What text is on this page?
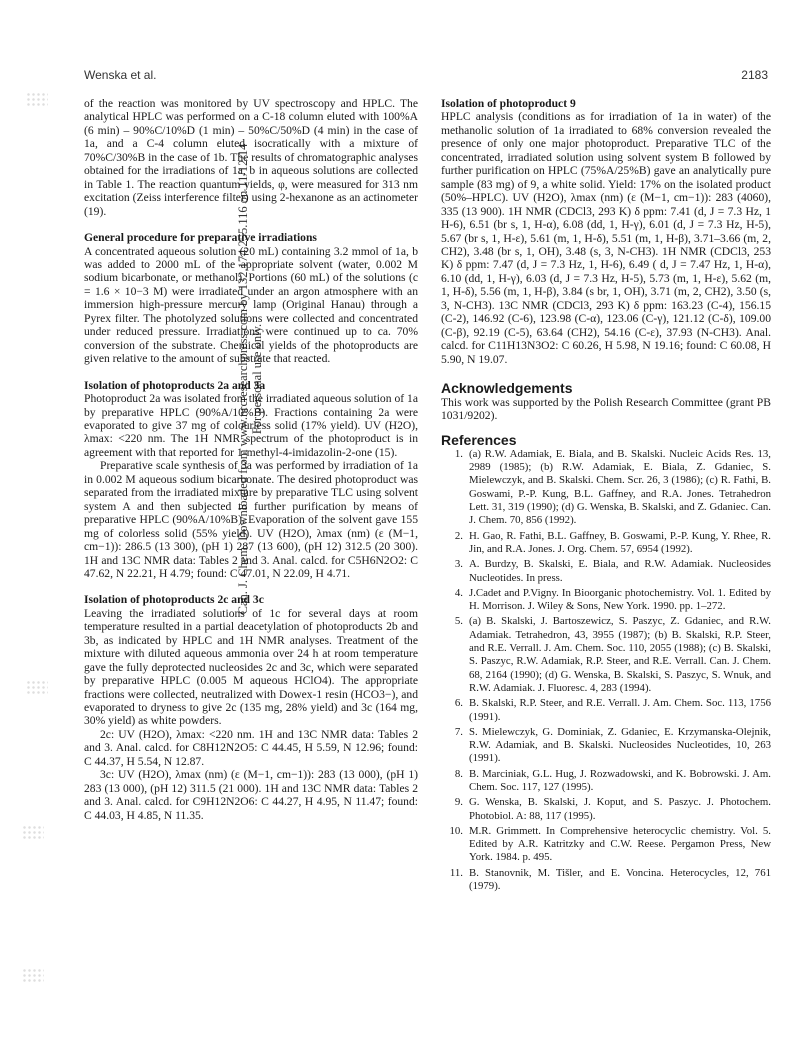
Wenska et al.	2183
Can. J. Chem. Downloaded from www.nrcresearchpress.com by 132.174.255.116 on 11/12/14 For personal use only.

of the reaction was monitored by UV spectroscopy and HPLC. The analytical HPLC was performed on a C-18 column eluted with 100%A (6 min) – 90%C/10%D (1 min) – 50%C/50%D (4 min) in the case of 1a, and a C-4 column eluted isocratically with a mixture of 70%C/30%B in the case of 1b. The results of chromatographic analyses obtained for the irradiations of 1a, b in aqueous solutions are collected in Table 1. The reaction quantum yields, φ, were measured for 313 nm excitation (Zeiss interference filter) using 2-hexanone as an actinometer (19).

General procedure for preparative irradiations

A concentrated aqueous solution (20 mL) containing 3.2 mmol of 1a, b was added to 2000 mL of the appropriate solvent (water, 0.002 M sodium bicarbonate, or methanol). Portions (60 mL) of the solutions (c = 1.6 × 10−3 M) were irradiated under an argon atmosphere with an immersion high-pressure mercury lamp (Original Hanau) through a Pyrex filter. The photolyzed solutions were collected and concentrated under reduced pressure. Irradiations were continued up to ca. 70% conversion of the substrate. Chemical yields of the photoproducts are given relative to the amount of substrate that reacted.

Isolation of photoproducts 2a and 3a

Photoproduct 2a was isolated from the irradiated aqueous solution of 1a by preparative HPLC (90%A/10%B). Fractions containing 2a were evaporated to give 37 mg of colourless solid (17% yield). UV (H2O), λmax: <220 nm. The 1H NMR spectrum of the photoproduct is in agreement with that reported for 1-methyl-4-imidazolin-2-one (15).

Preparative scale synthesis of 3a was performed by irradiation of 1a in 0.002 M aqueous sodium bicarbonate. The desired photoproduct was separated from the irradiated mixture by preparative TLC using solvent system A and then subjected to further purification by means of preparative HPLC (90%A/10%B). Evaporation of the solvent gave 155 mg of colorless solid (55% yield). UV (H2O), λmax (nm) (ε (M−1, cm−1)): 286.5 (13 300), (pH 1) 287 (13 600), (pH 12) 312.5 (20 300). 1H and 13C NMR data: Tables 2 and 3. Anal. calcd. for C5H6N2O2: C 47.62, N 22.21, H 4.79; found: C 47.01, N 22.09, H 4.71.

Isolation of photoproducts 2c and 3c

Leaving the irradiated solutions of 1c for several days at room temperature resulted in a partial deacetylation of photoproducts 2b and 3b, as indicated by HPLC and 1H NMR analyses. Treatment of the mixture with diluted aqueous ammonia over 24 h at room temperature gave the fully deprotected nucleosides 2c and 3c, which were separated by preparative HPLC (0.005 M aqueous HClO4). The appropriate fractions were collected, neutralized with Dowex-1 resin (HCO3−), and evaporated to dryness to give 2c (135 mg, 28% yield) and 3c (164 mg, 30% yield) as white powders.

2c: UV (H2O), λmax: <220 nm. 1H and 13C NMR data: Tables 2 and 3. Anal. calcd. for C8H12N2O5: C 44.45, H 5.59, N 12.96; found: C 44.37, H 5.54, N 12.87.

3c: UV (H2O), λmax (nm) (ε (M−1, cm−1)): 283 (13 000), (pH 1) 283 (13 000), (pH 12) 311.5 (21 000). 1H and 13C NMR data: Tables 2 and 3. Anal. calcd. for C9H12N2O6: C 44.27, H 4.95, N 11.47; found: C 44.03, H 4.85, N 11.35.

Isolation of photoproduct 9

HPLC analysis (conditions as for irradiation of 1a in water) of the methanolic solution of 1a irradiated to 68% conversion revealed the presence of only one major photoproduct. Preparative TLC of the concentrated, irradiated solution using solvent system B followed by further purification on HPLC (75%A/25%B) gave an analytically pure sample (83 mg) of 9, a white solid. Yield: 17% on the isolated product (50%–HPLC). UV (H2O), λmax (nm) (ε (M−1, cm−1)): 283 (4060), 335 (13 900). 1H NMR (CDCl3, 293 K) δ ppm: 7.41 (d, J = 7.3 Hz, 1 H-6), 6.51 (br s, 1, H-α), 6.08 (dd, 1, H-γ), 6.01 (d, J = 7.3 Hz, H-5), 5.67 (br s, 1, H-ε), 5.61 (m, 1, H-δ), 5.51 (m, 1, H-β), 3.71–3.66 (m, 2, CH2), 3.48 (br s, 1, OH), 3.48 (s, 3, N-CH3). 1H NMR (CDCl3, 253 K) δ ppm: 7.47 (d, J = 7.3 Hz, 1, H-6), 6.49 ( d, J = 7.47 Hz, 1, H-α), 6.10 (dd, 1, H-γ), 6.03 (d, J = 7.3 Hz, H-5), 5.73 (m, 1, H-ε), 5.62 (m, 1, H-δ), 5.56 (m, 1, H-β), 3.84 (s br, 1, OH), 3.71 (m, 2, CH2), 3.50 (s, 3, N-CH3). 13C NMR (CDCl3, 293 K) δ ppm: 163.23 (C-4), 156.15 (C-2), 146.92 (C-6), 123.98 (C-α), 123.06 (C-γ), 121.12 (C-δ), 109.00 (C-β), 92.19 (C-5), 63.64 (CH2), 54.16 (C-ε), 37.93 (N-CH3). Anal. calcd. for C11H13N3O2: C 60.26, H 5.98, N 19.16; found: C 60.08, H 5.90, N 19.07.

Acknowledgements

This work was supported by the Polish Research Committee (grant PB 1031/9202).

References

1. (a) R.W. Adamiak, E. Biala, and B. Skalski. Nucleic Acids Res. 13, 2989 (1985); (b) R.W. Adamiak, E. Biala, Z. Gdaniec, S. Mielewczyk, and B. Skalski. Chem. Scr. 26, 3 (1986); (c) R. Fathi, B. Goswami, P.-P. Kung, B.L. Gaffney, and R.A. Jones. Tetrahedron Lett. 31, 319 (1990); (d) G. Wenska, B. Skalski, and Z. Gdaniec. Can. J. Chem. 70, 856 (1992).
2. H. Gao, R. Fathi, B.L. Gaffney, B. Goswami, P.-P. Kung, Y. Rhee, R. Jin, and R.A. Jones. J. Org. Chem. 57, 6954 (1992).
3. A. Burdzy, B. Skalski, E. Biala, and R.W. Adamiak. Nucleosides Nucleotides. In press.
4. J.Cadet and P.Vigny. In Bioorganic photochemistry. Vol. 1. Edited by H. Morrison. J. Wiley & Sons, New York. 1990. pp. 1–272.
5. (a) B. Skalski, J. Bartoszewicz, S. Paszyc, Z. Gdaniec, and R.W. Adamiak. Tetrahedron, 43, 3955 (1987); (b) B. Skalski, R.P. Steer, and R.E. Verrall. J. Am. Chem. Soc. 110, 2055 (1988); (c) B. Skalski, S. Paszyc, R.W. Adamiak, R.P. Steer, and R.E. Verrall. Can. J. Chem. 68, 2164 (1990); (d) G. Wenska, B. Skalski, S. Paszyc, S. Wnuk, and R.W. Adamiak. J. Fluoresc. 4, 283 (1994).
6. B. Skalski, R.P. Steer, and R.E. Verrall. J. Am. Chem. Soc. 113, 1756 (1991).
7. S. Mielewczyk, G. Dominiak, Z. Gdaniec, E. Krzymanska-Olejnik, R.W. Adamiak, and B. Skalski. Nucleosides Nucleotides, 10, 263 (1991).
8. B. Marciniak, G.L. Hug, J. Rozwadowski, and K. Bobrowski. J. Am. Chem. Soc. 117, 127 (1995).
9. G. Wenska, B. Skalski, J. Koput, and S. Paszyc. J. Photochem. Photobiol. A: 88, 117 (1995).
10. M.R. Grimmett. In Comprehensive heterocyclic chemistry. Vol. 5. Edited by A.R. Katritzky and C.W. Reese. Pergamon Press, New York. 1984. p. 495.
11. B. Stanovnik, M. Tišler, and E. Voncina. Heterocycles, 12, 761 (1979).
